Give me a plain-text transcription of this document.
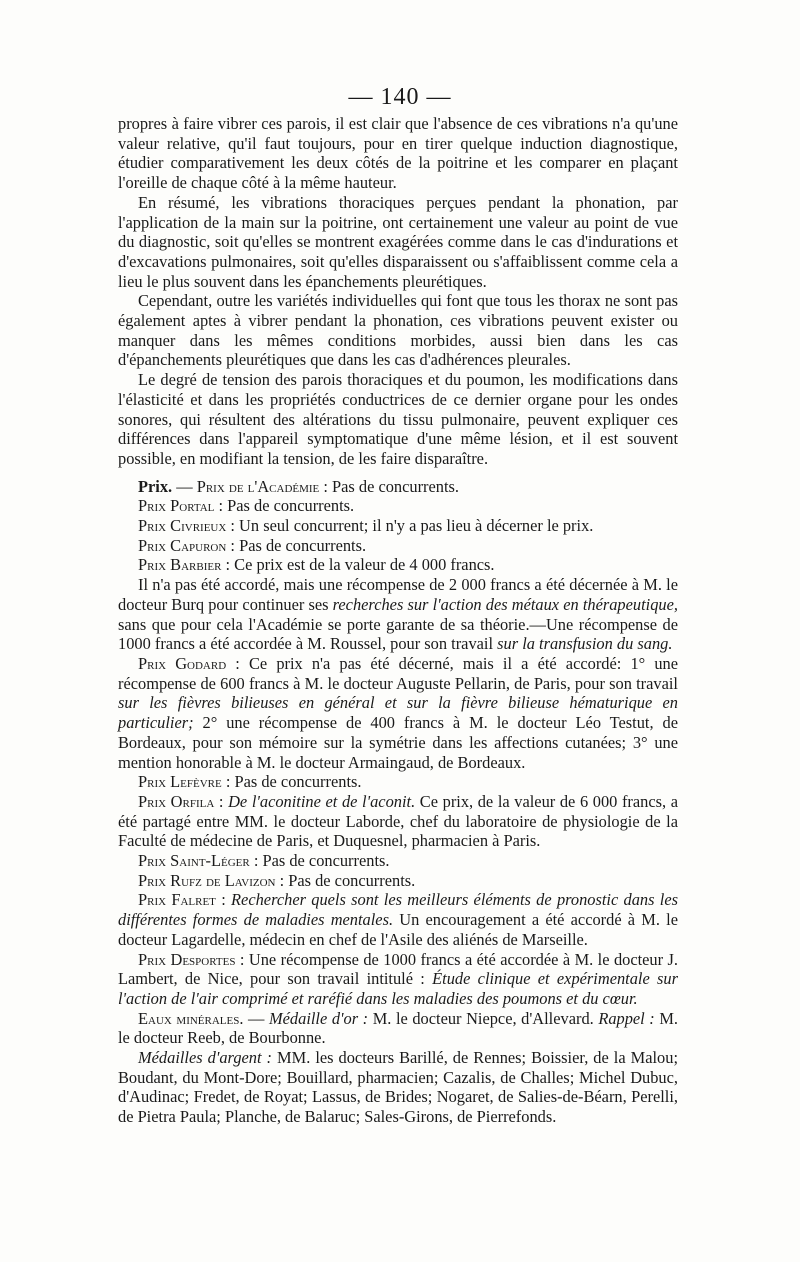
— 140 —

propres à faire vibrer ces parois, il est clair que l'absence de ces vibrations n'a qu'une valeur relative, qu'il faut toujours, pour en tirer quelque induction diagnostique, étudier comparativement les deux côtés de la poitrine et les comparer en plaçant l'oreille de chaque côté à la même hauteur.

En résumé, les vibrations thoraciques perçues pendant la phonation, par l'application de la main sur la poitrine, ont certainement une valeur au point de vue du diagnostic, soit qu'elles se montrent exagérées comme dans le cas d'indurations et d'excavations pulmonaires, soit qu'elles disparaissent ou s'affaiblissent comme cela a lieu le plus souvent dans les épanchements pleurétiques.

Cependant, outre les variétés individuelles qui font que tous les thorax ne sont pas également aptes à vibrer pendant la phonation, ces vibrations peuvent exister ou manquer dans les mêmes conditions morbides, aussi bien dans les cas d'épanchements pleurétiques que dans les cas d'adhérences pleurales.

Le degré de tension des parois thoraciques et du poumon, les modifications dans l'élasticité et dans les propriétés conductrices de ce dernier organe pour les ondes sonores, qui résultent des altérations du tissu pulmonaire, peuvent expliquer ces différences dans l'appareil symptomatique d'une même lésion, et il est souvent possible, en modifiant la tension, de les faire disparaître.

Prix. — Prix de l'Académie : Pas de concurrents.

Prix Portal : Pas de concurrents.

Prix Civrieux : Un seul concurrent; il n'y a pas lieu à décerner le prix.

Prix Capuron : Pas de concurrents.

Prix Barbier : Ce prix est de la valeur de 4 000 francs.

Il n'a pas été accordé, mais une récompense de 2 000 francs a été décernée à M. le docteur Burq pour continuer ses recherches sur l'action des métaux en thérapeutique, sans que pour cela l'Académie se porte garante de sa théorie.—Une récompense de 1000 francs a été accordée à M. Roussel, pour son travail sur la transfusion du sang.

Prix Godard : Ce prix n'a pas été décerné, mais il a été accordé: 1° une récompense de 600 francs à M. le docteur Auguste Pellarin, de Paris, pour son travail sur les fièvres bilieuses en général et sur la fièvre bilieuse hématurique en particulier; 2° une récompense de 400 francs à M. le docteur Léo Testut, de Bordeaux, pour son mémoire sur la symétrie dans les affections cutanées; 3° une mention honorable à M. le docteur Armaingaud, de Bordeaux.

Prix Lefèvre : Pas de concurrents.

Prix Orfila : De l'aconitine et de l'aconit. Ce prix, de la valeur de 6 000 francs, a été partagé entre MM. le docteur Laborde, chef du laboratoire de physiologie de la Faculté de médecine de Paris, et Duquesnel, pharmacien à Paris.

Prix Saint-Léger : Pas de concurrents.

Prix Rufz de Lavizon : Pas de concurrents.

Prix Falret : Rechercher quels sont les meilleurs éléments de pronostic dans les différentes formes de maladies mentales. Un encouragement a été accordé à M. le docteur Lagardelle, médecin en chef de l'Asile des aliénés de Marseille.

Prix Desportes : Une récompense de 1000 francs a été accordée à M. le docteur J. Lambert, de Nice, pour son travail intitulé : Étude clinique et expérimentale sur l'action de l'air comprimé et raréfié dans les maladies des poumons et du cœur.

Eaux minérales. — Médaille d'or : M. le docteur Niepce, d'Allevard. Rappel : M. le docteur Reeb, de Bourbonne.

Médailles d'argent : MM. les docteurs Barillé, de Rennes; Boissier, de la Malou; Boudant, du Mont-Dore; Bouillard, pharmacien; Cazalis, de Challes; Michel Dubuc, d'Audinac; Fredet, de Royat; Lassus, de Brides; Nogaret, de Salies-de-Béarn, Perelli, de Pietra Paula; Planche, de Balaruc; Sales-Girons, de Pierrefonds.
